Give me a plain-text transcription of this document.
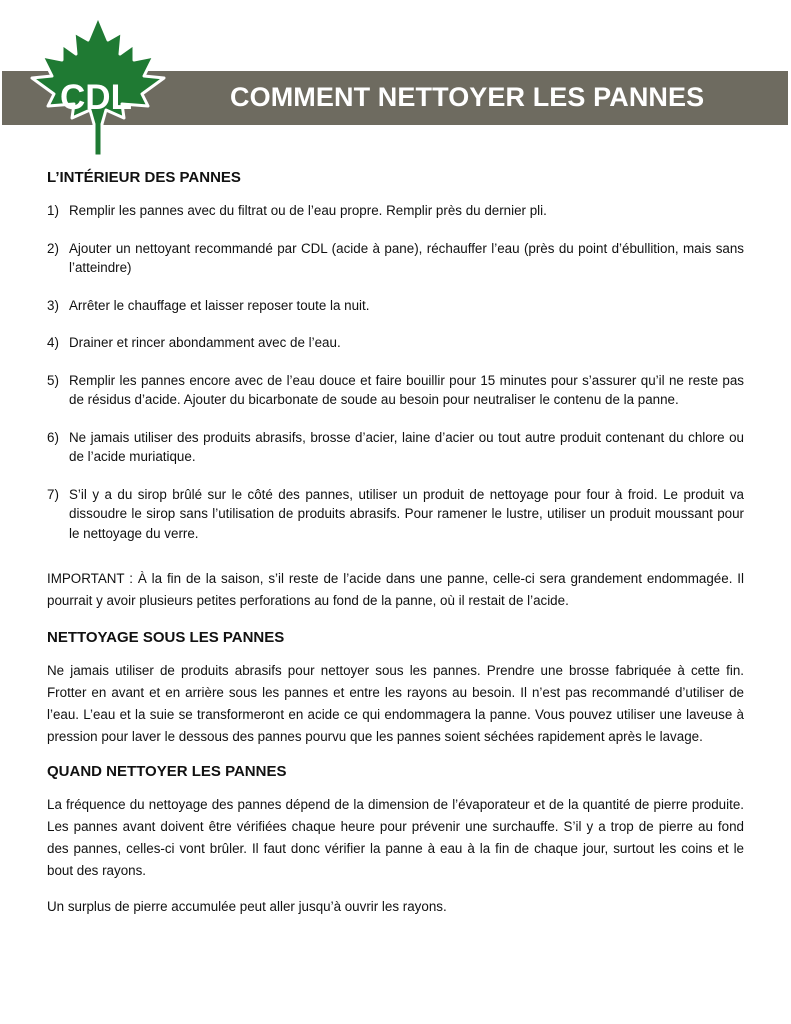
CDL	COMMENT NETTOYER LES PANNES
L’INTÉRIEUR DES PANNES
1) Remplir les pannes avec du filtrat ou de l’eau propre. Remplir près du dernier pli.
2) Ajouter un nettoyant recommandé par CDL (acide à pane), réchauffer l’eau (près du point d’ébullition, mais sans l’atteindre)
3) Arrêter le chauffage et laisser reposer toute la nuit.
4) Drainer et rincer abondamment avec de l’eau.
5) Remplir les pannes encore avec de l’eau douce et faire bouillir pour 15 minutes pour s’assurer qu’il ne reste pas de résidus d’acide. Ajouter du bicarbonate de soude au besoin pour neutraliser le contenu de la panne.
6) Ne jamais utiliser des produits abrasifs, brosse d’acier, laine d’acier ou tout autre produit contenant du chlore ou de l’acide muriatique.
7) S’il y a du sirop brûlé sur le côté des pannes, utiliser un produit de nettoyage pour four à froid. Le produit va dissoudre le sirop sans l’utilisation de produits abrasifs. Pour ramener le lustre, utiliser un produit moussant pour le nettoyage du verre.

IMPORTANT : À la fin de la saison, s’il reste de l’acide dans une panne, celle-ci sera grandement endommagée. Il pourrait y avoir plusieurs petites perforations au fond de la panne, où il restait de l’acide.

NETTOYAGE SOUS LES PANNES

Ne jamais utiliser de produits abrasifs pour nettoyer sous les pannes. Prendre une brosse fabriquée à cette fin. Frotter en avant et en arrière sous les pannes et entre les rayons au besoin. Il n’est pas recommandé d’utiliser de l’eau. L’eau et la suie se transformeront en acide ce qui endommagera la panne. Vous pouvez utiliser une laveuse à pression pour laver le dessous des pannes pourvu que les pannes soient séchées rapidement après le lavage.

QUAND NETTOYER LES PANNES

La fréquence du nettoyage des pannes dépend de la dimension de l’évaporateur et de la quantité de pierre produite. Les pannes avant doivent être vérifiées chaque heure pour prévenir une surchauffe. S’il y a trop de pierre au fond des pannes, celles-ci vont brûler. Il faut donc vérifier la panne à eau à la fin de chaque jour, surtout les coins et le bout des rayons.

Un surplus de pierre accumulée peut aller jusqu’à ouvrir les rayons.
